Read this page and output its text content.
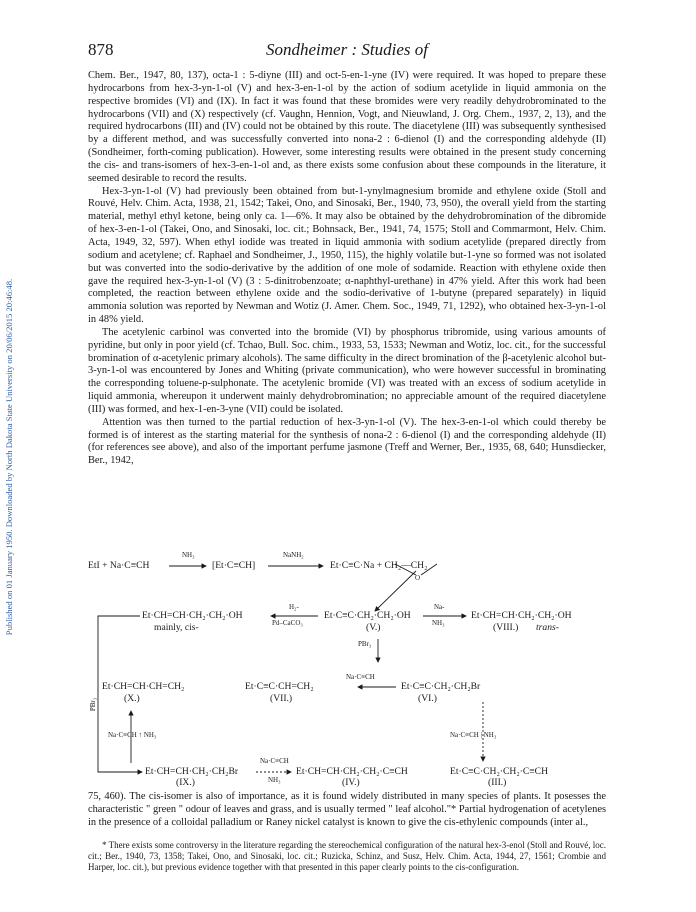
Published on 01 January 1950. Downloaded by North Dakota State University on 20/06/2015 20:46:48.
878	Sondheimer : Studies of

Chem. Ber., 1947, 80, 137), octa-1 : 5-diyne (III) and oct-5-en-1-yne (IV) were required. It was hoped to prepare these hydrocarbons from hex-3-yn-1-ol (V) and hex-3-en-1-ol by the action of sodium acetylide in liquid ammonia on the respective bromides (VI) and (IX). In fact it was found that these bromides were very readily dehydrobrominated to the hydrocarbons (VII) and (X) respectively (cf. Vaughn, Hennion, Vogt, and Nieuwland, J. Org. Chem., 1937, 2, 13), and the required hydrocarbons (III) and (IV) could not be obtained by this route. The diacetylene (III) was subsequently synthesised by a different method, and was successfully converted into nona-2 : 6-dienol (I) and the corresponding aldehyde (II) (Sondheimer, forth-coming publication). However, some interesting results were obtained in the present study concerning the cis- and trans-isomers of hex-3-en-1-ol and, as there exists some confusion about these compounds in the literature, it seemed desirable to record the results.

Hex-3-yn-1-ol (V) had previously been obtained from but-1-ynylmagnesium bromide and ethylene oxide (Stoll and Rouvé, Helv. Chim. Acta, 1938, 21, 1542; Takei, Ono, and Sinosaki, Ber., 1940, 73, 950), the overall yield from the starting material, methyl ethyl ketone, being only ca. 1—6%. It may also be obtained by the dehydrobromination of the dibromide of hex-3-en-1-ol (Takei, Ono, and Sinosaki, loc. cit.; Bohnsack, Ber., 1941, 74, 1575; Stoll and Commarmont, Helv. Chim. Acta, 1949, 32, 597). When ethyl iodide was treated in liquid ammonia with sodium acetylide (prepared directly from sodium and acetylene; cf. Raphael and Sondheimer, J., 1950, 115), the highly volatile but-1-yne so formed was not isolated but was converted into the sodio-derivative by the addition of one mole of sodamide. Reaction with ethylene oxide then gave the required hex-3-yn-1-ol (V) (3 : 5-dinitrobenzoate; α-naphthyl-urethane) in 47% yield. After this work had been completed, the reaction between ethylene oxide and the sodio-derivative of 1-butyne (prepared separately) in liquid ammonia solution was reported by Newman and Wotiz (J. Amer. Chem. Soc., 1949, 71, 1292), who obtained hex-3-yn-1-ol in 48% yield.

The acetylenic carbinol was converted into the bromide (VI) by phosphorus tribromide, using various amounts of pyridine, but only in poor yield (cf. Tchao, Bull. Soc. chim., 1933, 53, 1533; Newman and Wotiz, loc. cit., for the successful bromination of α-acetylenic primary alcohols). The same difficulty in the direct bromination of the β-acetylenic alcohol but-3-yn-1-ol was encountered by Jones and Whiting (private communication), who were however successful in brominating the corresponding toluene-p-sulphonate. The acetylenic bromide (VI) was treated with an excess of sodium acetylide in liquid ammonia, whereupon it underwent mainly dehydrobromination; no appreciable amount of the required diacetylene (III) was formed, and hex-1-en-3-yne (VII) could be isolated.

Attention was then turned to the partial reduction of hex-3-yn-1-ol (V). The hex-3-en-1-ol which could thereby be formed is of interest as the starting material for the synthesis of nona-2 : 6-dienol (I) and the corresponding aldehyde (II) (for references see above), and also of the important perfume jasmone (Treff and Werner, Ber., 1935, 68, 640; Hunsdiecker, Ber., 1942,

EtI + Na·C≡CH
NH₃
[Et·C≡CH]
NaNH₂
Et·C≡C·Na + CH₂—CH₂
O
Et·CH=CH·CH₂·CH₂·OH
mainly, cis-
H₂-
Pd–CaCO₃
Et·C≡C·CH₂·CH₂·OH
(V.)
Na-
NH₃
Et·CH=CH·CH₂·CH₂·OH
(VIII.) trans-
PBr₃
Na·C≡CH
PBr₃
Et·CH=CH·CH=CH₂
(X.)
Et·C≡C·CH=CH₂
(VII.)
Et·C≡C·CH₂·CH₂Br
(VI.)
Na·C≡CH ↑ NH₃	Na·C≡CH | NH₃
Na·C≡CH
NH₃
Et·CH=CH·CH₂·CH₂Br
(IX.)
Et·CH=CH·CH₂·CH₂·C≡CH
(IV.)
Et·C≡C·CH₂·CH₂·C≡CH
(III.)

75, 460). The cis-isomer is also of importance, as it is found widely distributed in many species of plants. It posesses the characteristic " green " odour of leaves and grass, and is usually termed " leaf alcohol."* Partial hydrogenation of acetylenes in the presence of a colloidal palladium or Raney nickel catalyst is known to give the cis-ethylenic compounds (inter al.,

* There exists some controversy in the literature regarding the stereochemical configuration of the natural hex-3-enol (Stoll and Rouvé, loc. cit.; Ber., 1940, 73, 1358; Takei, Ono, and Sinosaki, loc. cit.; Ruzicka, Schinz, and Susz, Helv. Chim. Acta, 1944, 27, 1561; Crombie and Harper, loc. cit.), but previous evidence together with that presented in this paper clearly points to the cis-configuration.
